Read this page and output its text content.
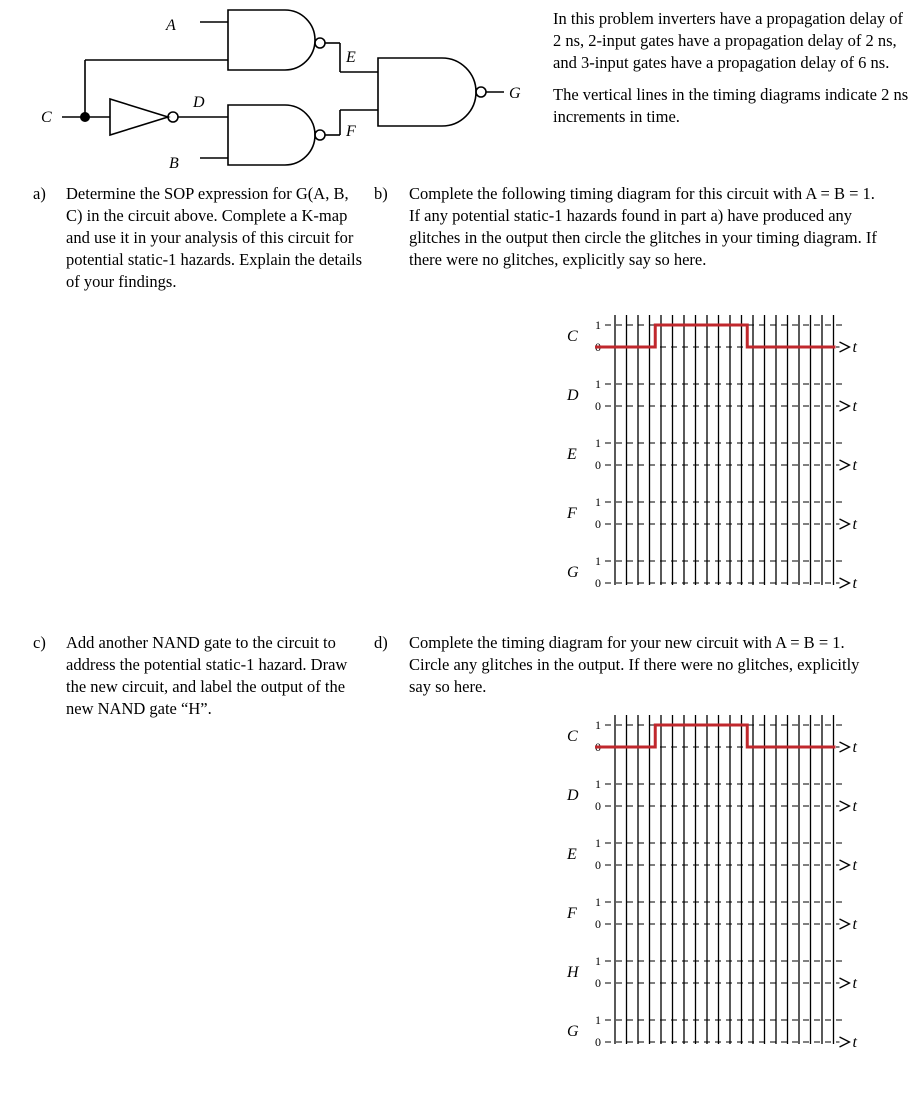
A
B
C
D
E
F
G

In this problem inverters have a propagation delay of 2 ns, 2-input gates have a propagation delay of 2 ns, and 3-input gates have a propagation delay of 6 ns.

The vertical lines in the timing diagrams indicate 2 ns increments in time.

a) Determine the SOP expression for G(A, B, C) in the circuit above. Complete a K-map and use it in your analysis of this circuit for potential static-1 hazards. Explain the details of your findings.
b) Complete the following timing diagram for this circuit with A = B = 1. If any potential static-1 hazards found in part a) have produced any glitches in the output then circle the glitches in your timing diagram. If there were no glitches, explicitly say so here.
c) Add another NAND gate to the circuit to address the potential static-1 hazard. Draw the new circuit, and label the output of the new NAND gate “H”.
d) Complete the timing diagram for your new circuit with A = B = 1. Circle any glitches in the output. If there were no glitches, explicitly say so here.
C
1
0	t
D
1
0	t
E
1
0	t
F
1
0	t
G
1
0	t
C
1
0	t
D
1
0	t
E
1
0	t
F
1
0	t
H
1
0	t
G
1
0	t
